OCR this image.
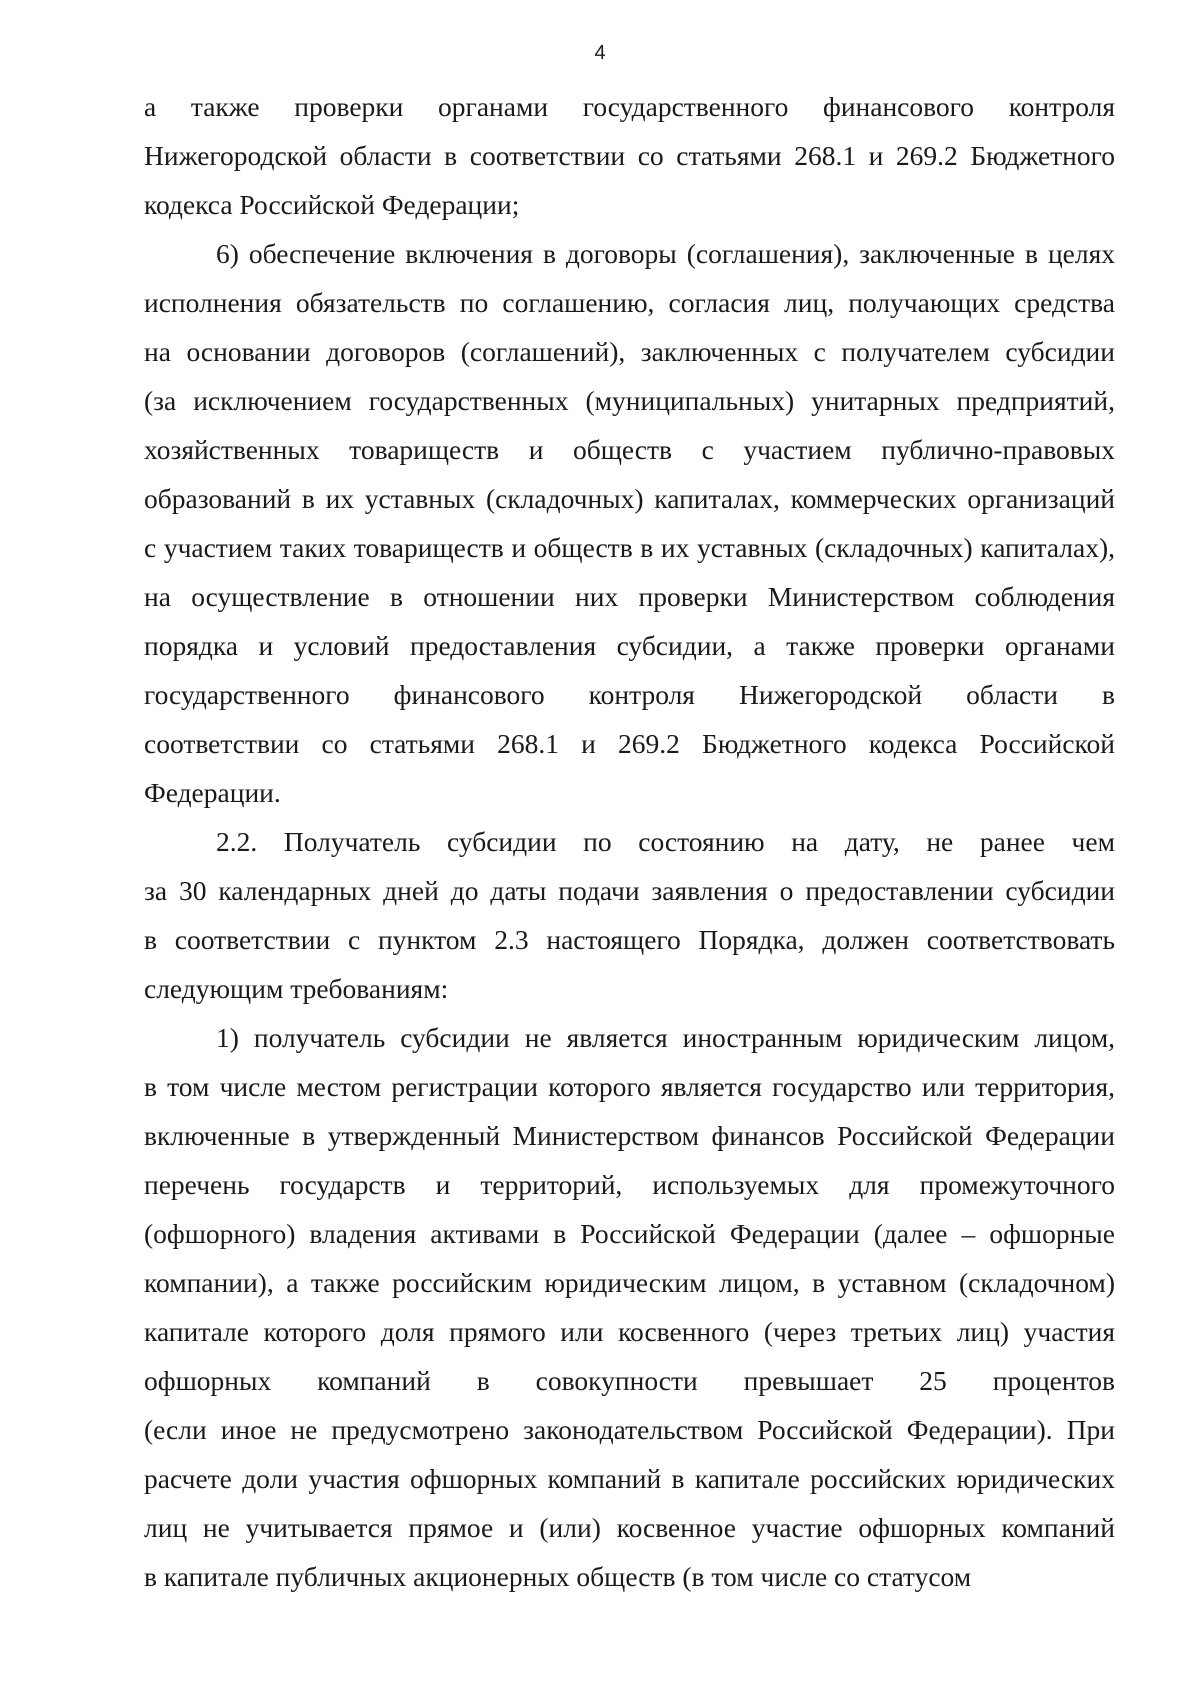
4

а также проверки органами государственного финансового контроля

Нижегородской области в соответствии со статьями 268.1 и 269.2 Бюджетного

кодекса Российской Федерации;

6) обеспечение включения в договоры (соглашения), заключенные в целях

исполнения обязательств по соглашению, согласия лиц, получающих средства

на основании договоров (соглашений), заключенных с получателем субсидии

(за исключением государственных (муниципальных) унитарных предприятий,

хозяйственных товариществ и обществ с участием публично-правовых

образований в их уставных (складочных) капиталах, коммерческих организаций

с участием таких товариществ и обществ в их уставных (складочных) капиталах),

на осуществление в отношении них проверки Министерством соблюдения

порядка и условий предоставления субсидии, а также проверки органами

государственного финансового контроля Нижегородской области в

соответствии со статьями 268.1 и 269.2 Бюджетного кодекса Российской

Федерации.

2.2. Получатель субсидии по состоянию на дату, не ранее чем

за 30 календарных дней до даты подачи заявления о предоставлении субсидии

в соответствии с пунктом 2.3 настоящего Порядка, должен соответствовать

следующим требованиям:

1) получатель субсидии не является иностранным юридическим лицом,

в том числе местом регистрации которого является государство или территория,

включенные в утвержденный Министерством финансов Российской Федерации

перечень государств и территорий, используемых для промежуточного

(офшорного) владения активами в Российской Федерации (далее – офшорные

компании), а также российским юридическим лицом, в уставном (складочном)

капитале которого доля прямого или косвенного (через третьих лиц) участия

офшорных компаний в совокупности превышает 25 процентов

(если иное не предусмотрено законодательством Российской Федерации). При

расчете доли участия офшорных компаний в капитале российских юридических

лиц не учитывается прямое и (или) косвенное участие офшорных компаний

в капитале публичных акционерных обществ (в том числе со статусом
